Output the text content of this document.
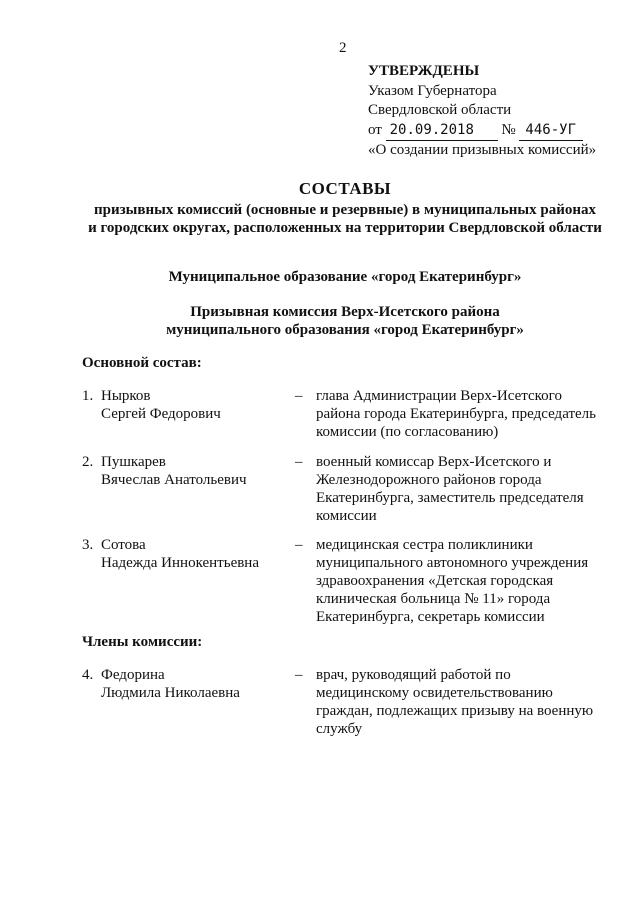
2
УТВЕРЖДЕНЫ
Указом Губернатора
Свердловской области
от 20.09.2018 № 446-УГ
«О создании призывных комиссий»
СОСТАВЫ
призывных комиссий (основные и резервные) в муниципальных районах
и городских округах, расположенных на территории Свердловской области
Муниципальное образование «город Екатеринбург»
Призывная комиссия Верх-Исетского района
муниципального образования «город Екатеринбург»
Основной состав:
1. Нырков
Сергей Федорович
– глава Администрации Верх-Исетского
района города Екатеринбурга, председатель
комиссии (по согласованию)
2. Пушкарев
Вячеслав Анатольевич
– военный комиссар Верх-Исетского и
Железнодорожного районов города
Екатеринбурга, заместитель председателя
комиссии
3. Сотова
Надежда Иннокентьевна
– медицинская сестра поликлиники
муниципального автономного учреждения
здравоохранения «Детская городская
клиническая больница № 11» города
Екатеринбурга, секретарь комиссии
Члены комиссии:
4. Федорина
Людмила Николаевна
– врач, руководящий работой по
медицинскому освидетельствованию
граждан, подлежащих призыву на военную
службу
